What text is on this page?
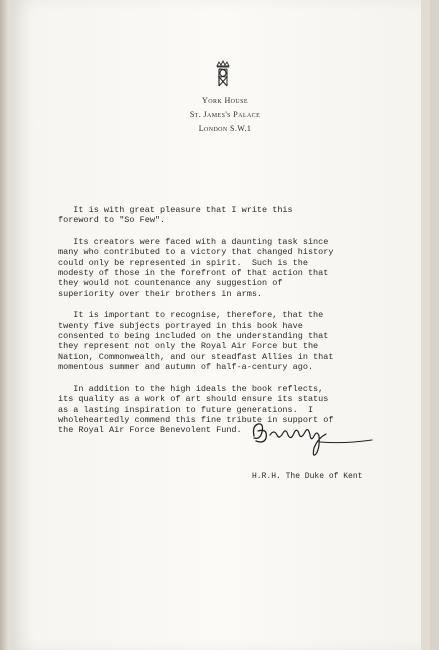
York House
St. James's Palace
London S.W.1
It is with great pleasure that I write this
foreword to "So Few".
Its creators were faced with a daunting task since
many who contributed to a victory that changed history
could only be represented in spirit.  Such is the
modesty of those in the forefront of that action that
they would not countenance any suggestion of
superiority over their brothers in arms.
It is important to recognise, therefore, that the
twenty five subjects portrayed in this book have
consented to being included on the understanding that
they represent not only the Royal Air Force but the
Nation, Commonwealth, and our steadfast Allies in that
momentous summer and autumn of half-a-century ago.
In addition to the high ideals the book reflects,
its quality as a work of art should ensure its status
as a lasting inspiration to future generations.  I
wholeheartedly commend this fine tribute in support of
the Royal Air Force Benevolent Fund.
H.R.H. The Duke of Kent
